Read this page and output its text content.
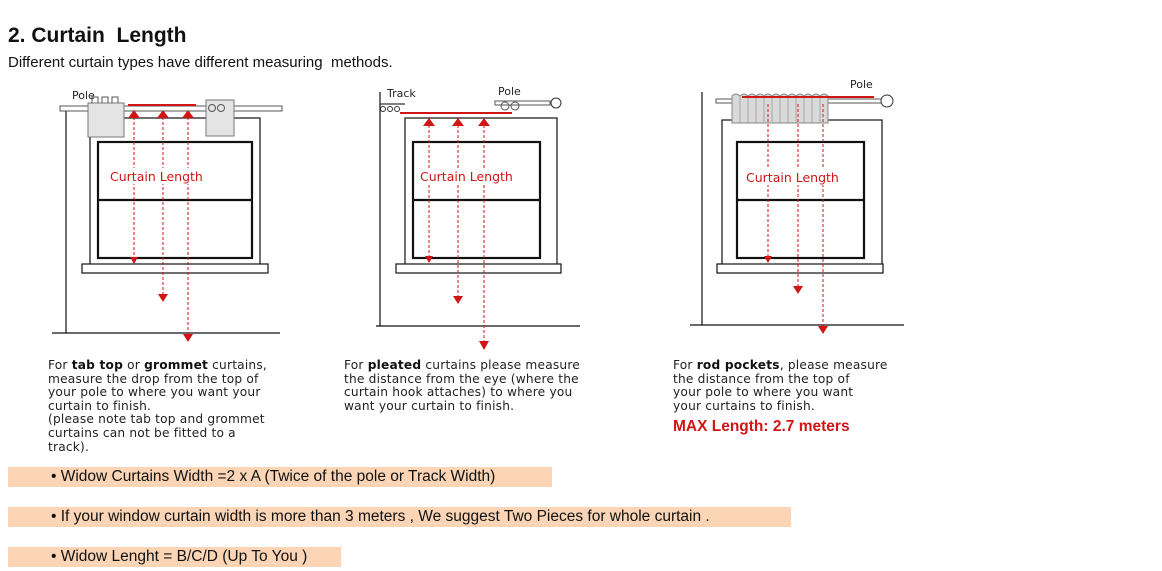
2. Curtain  Length
Different curtain types have different measuring  methods.
Pole
Curtain Length
For tab top or grommet curtains,
measure the drop from the top of
your pole to where you want your
curtain to finish.
(please note tab top and grommet
curtains can not be fitted to a
track).
Track	Pole
Curtain Length
For pleated curtains please measure
the distance from the eye (where the
curtain hook attaches) to where you
want your curtain to finish.
Pole
Curtain Length
For rod pockets, please measure
the distance from the top of
your pole to where you want
your curtains to finish.
MAX Length: 2.7 meters
• Widow Curtains Width =2 x A (Twice of the pole or Track Width)
• If your window curtain width is more than 3 meters , We suggest Two Pieces for whole curtain .
• Widow Lenght = B/C/D (Up To You )
